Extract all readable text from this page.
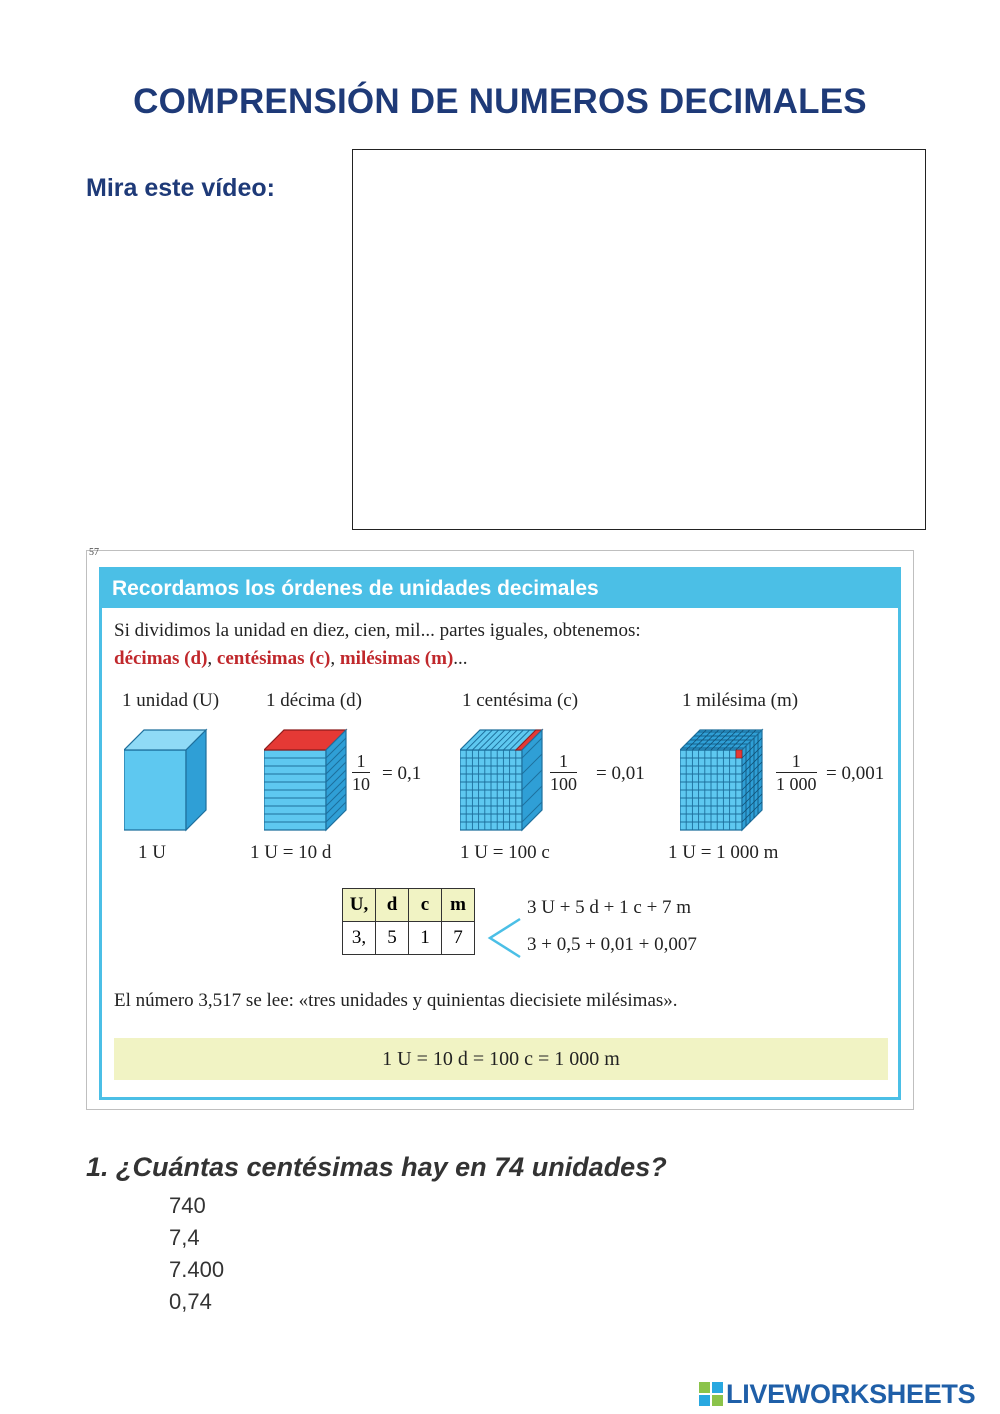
COMPRENSIÓN DE NUMEROS DECIMALES
Mira este vídeo:
57
Recordamos los órdenes de unidades decimales
Si dividimos la unidad en diez, cien, mil... partes iguales, obtenemos:
décimas (d), centésimas (c), milésimas (m)...
1 unidad (U) 1 décima (d)	1 centésima (c)	1 milésima (m)
$\frac{1}{10} = 0,1$	$\frac{1}{100} = 0,01$	$\frac{1}{1 000} = 0,001$
1 U	1 U = 10 d	1 U = 100 c	1 U = 1 000 m
U,	d	c	m
3,	5	1	7
3 U + 5 d + 1 c + 7 m
3 + 0,5 + 0,01 + 0,007
El número 3,517 se lee: «tres unidades y quinientas diecisiete milésimas».
1 U = 10 d = 100 c = 1 000 m
1. ¿Cuántas centésimas hay en 74 unidades?
740
7,4
7.400
0,74
LIVEWORKSHEETS
